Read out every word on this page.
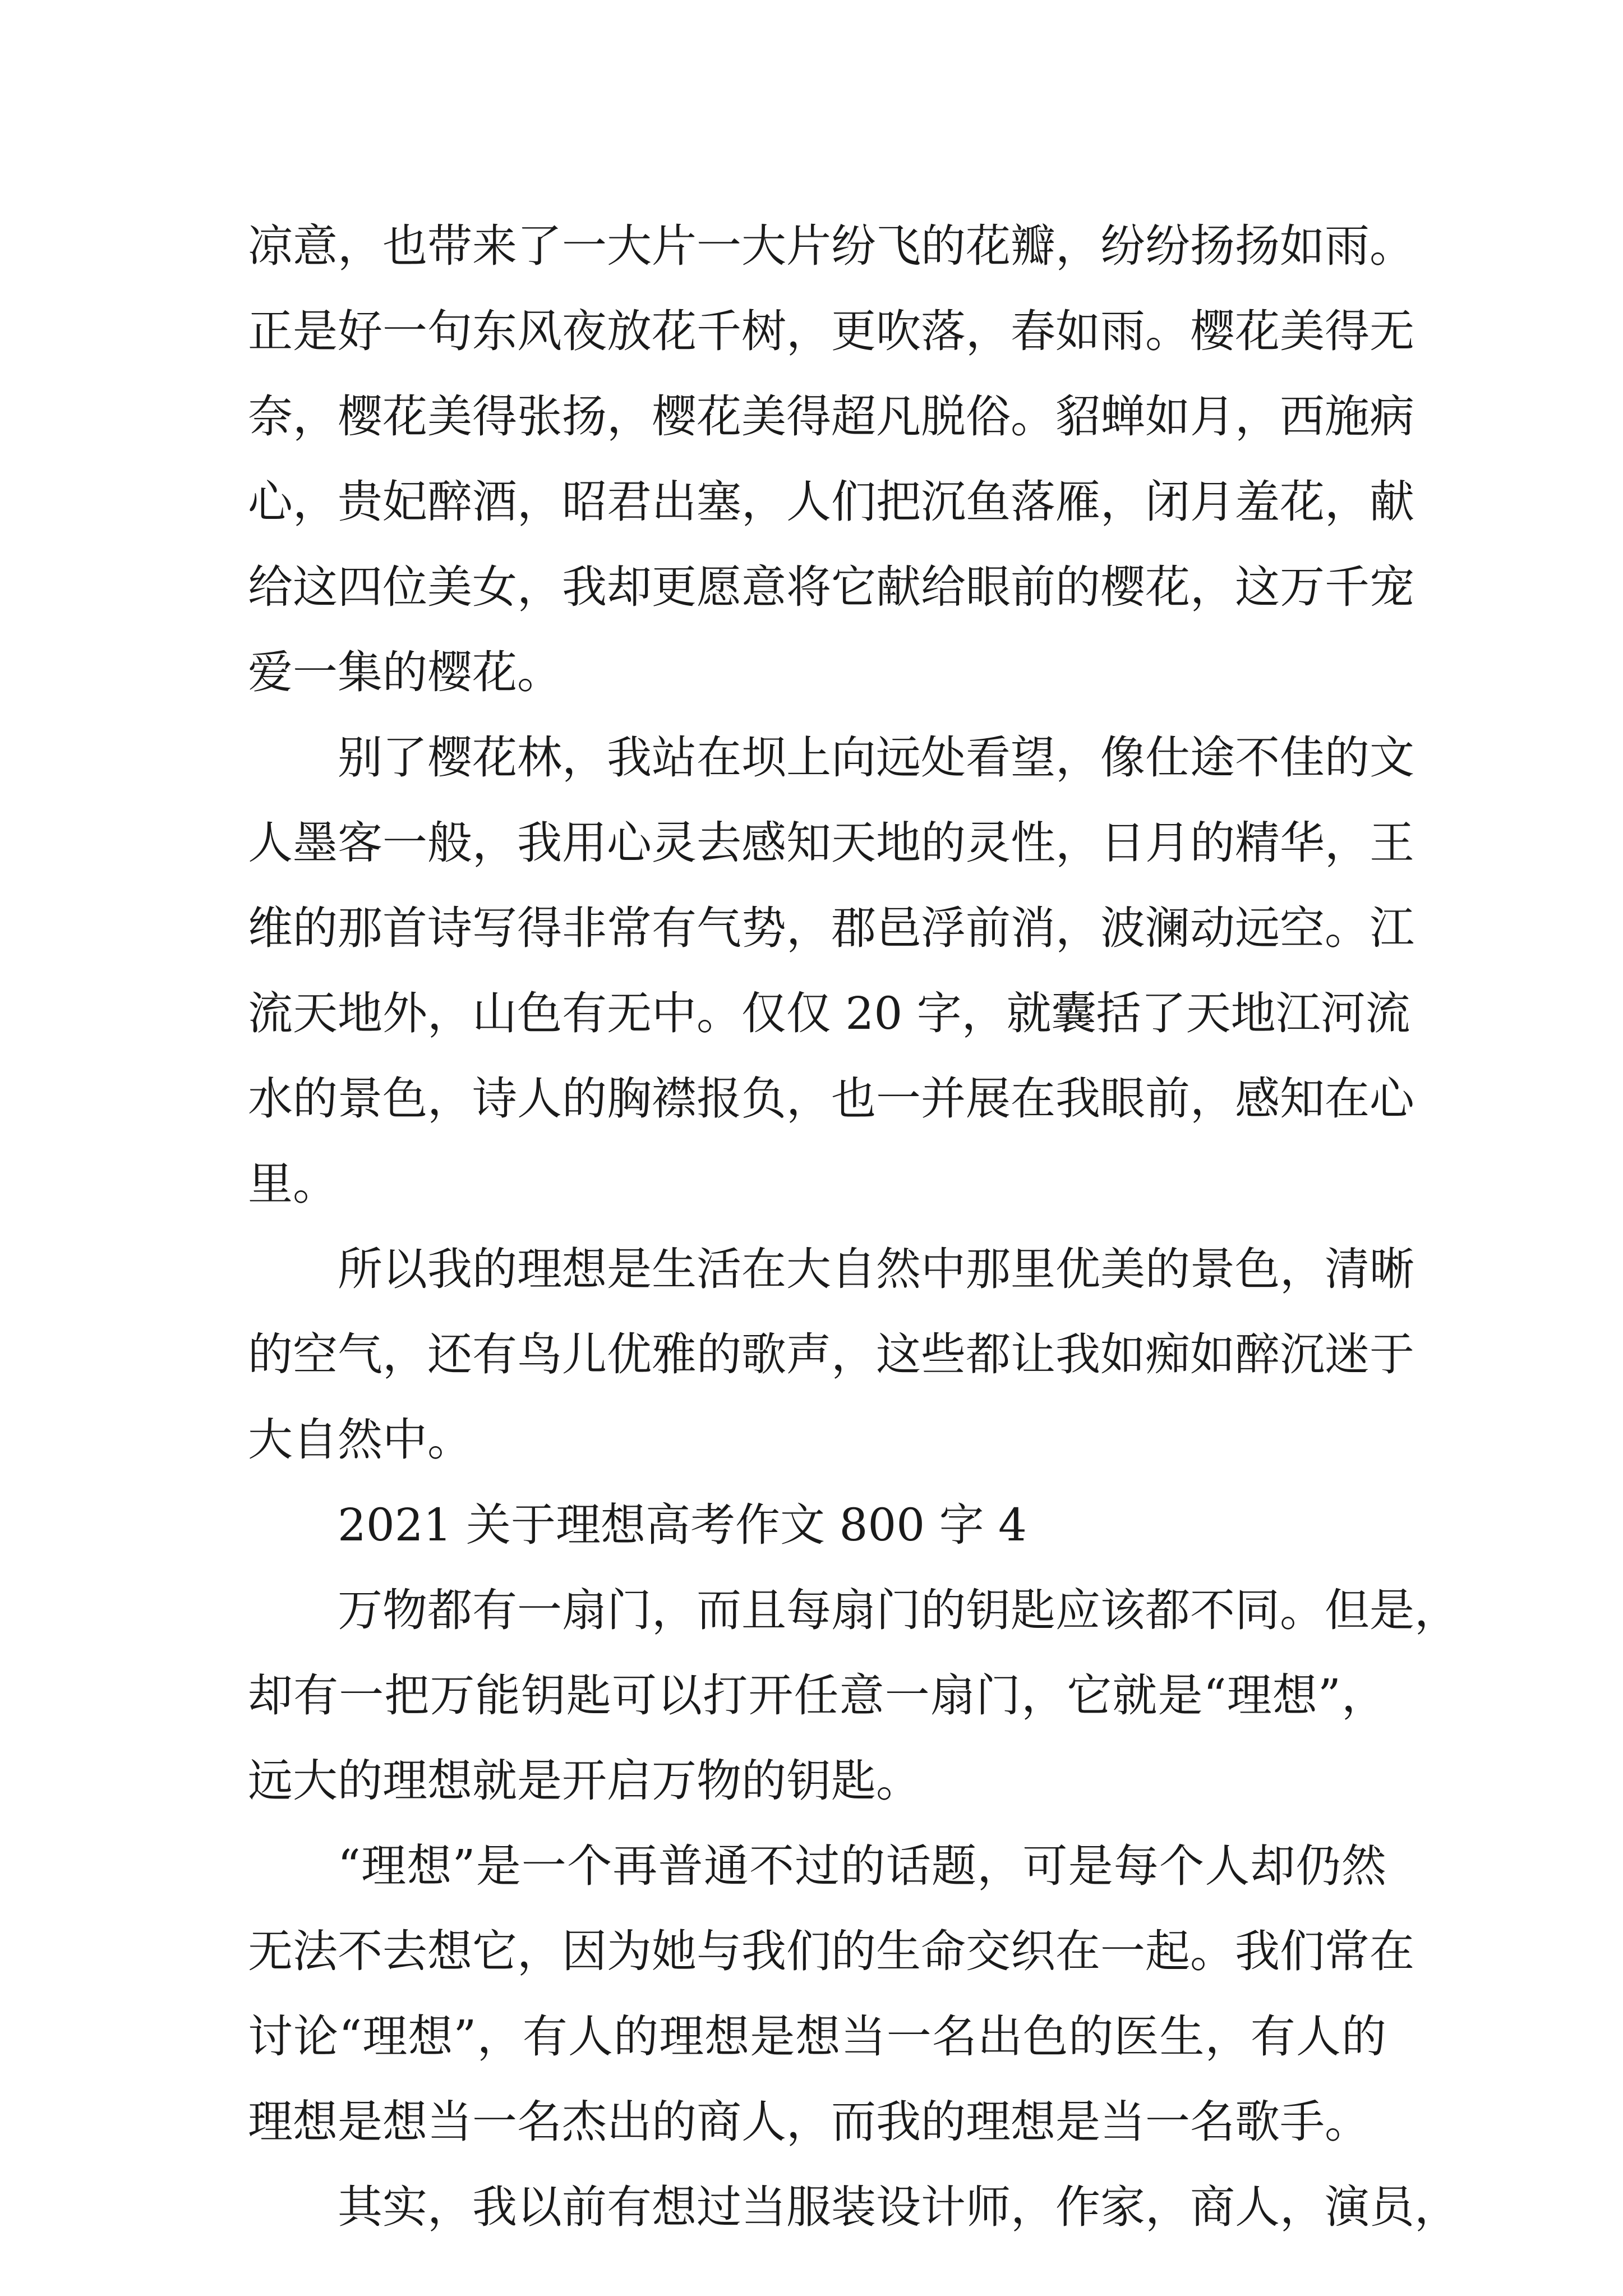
凉意，也带来了一大片一大片纷飞的花瓣，纷纷扬扬如雨。
正是好一句东风夜放花千树，更吹落，春如雨。樱花美得无
奈，樱花美得张扬，樱花美得超凡脱俗。貂蝉如月，西施病
心，贵妃醉酒，昭君出塞，人们把沉鱼落雁，闭月羞花，献
给这四位美女，我却更愿意将它献给眼前的樱花，这万千宠
爱一集的樱花。
别了樱花林，我站在坝上向远处看望，像仕途不佳的文
人墨客一般，我用心灵去感知天地的灵性，日月的精华，王
维的那首诗写得非常有气势，郡邑浮前消，波澜动远空。江
流天地外，山色有无中。仅仅 20 字，就囊括了天地江河流
水的景色，诗人的胸襟报负，也一并展在我眼前，感知在心
里。
所以我的理想是生活在大自然中那里优美的景色，清晰
的空气，还有鸟儿优雅的歌声，这些都让我如痴如醉沉迷于
大自然中。
2021 关于理想高考作文 800 字 4
万物都有一扇门，而且每扇门的钥匙应该都不同。但是，
却有一把万能钥匙可以打开任意一扇门，它就是“理想”，
远大的理想就是开启万物的钥匙。
“理想”是一个再普通不过的话题，可是每个人却仍然
无法不去想它，因为她与我们的生命交织在一起。我们常在
讨论“理想”，有人的理想是想当一名出色的医生，有人的
理想是想当一名杰出的商人，而我的理想是当一名歌手。
其实，我以前有想过当服装设计师，作家，商人，演员，
